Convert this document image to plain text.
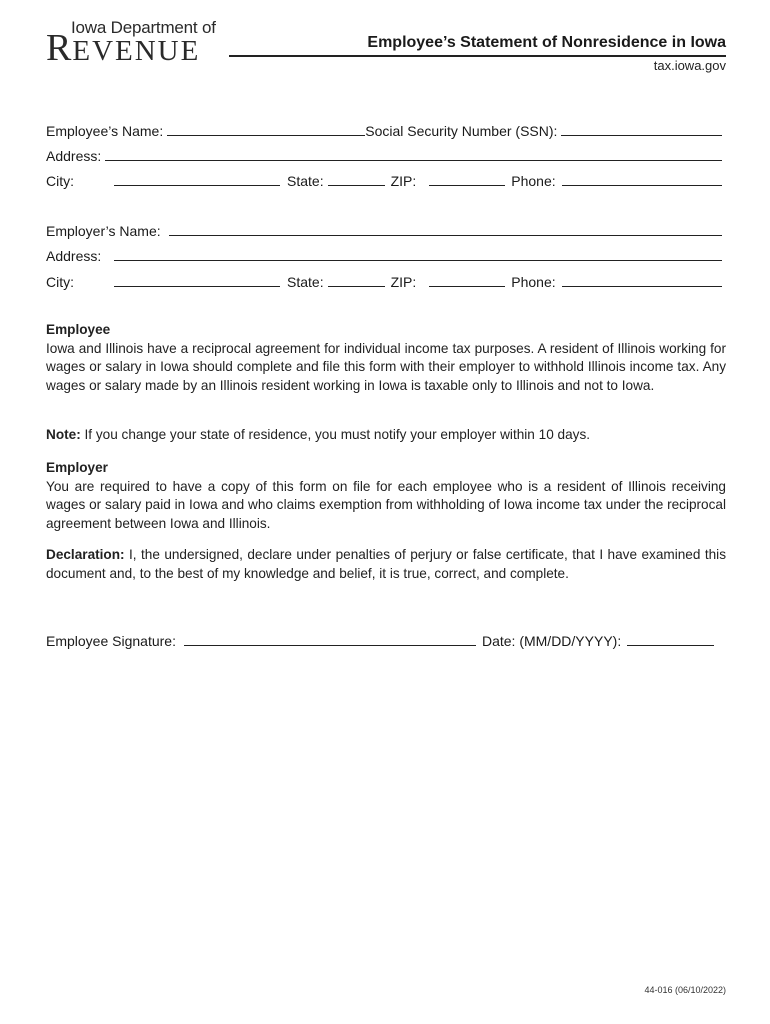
Iowa Department of
REVENUE	Employee’s Statement of Nonresidence in Iowa
tax.iowa.gov
Employee’s Name:	Social Security Number (SSN):
Address:
City:	State:	ZIP:	Phone:
Employer’s Name:
Address:
City:	State:	ZIP:	Phone:
Employee
Iowa and Illinois have a reciprocal agreement for individual income tax purposes. A resident of Illinois working for wages or salary in Iowa should complete and file this form with their employer to withhold Illinois income tax. Any wages or salary made by an Illinois resident working in Iowa is taxable only to Illinois and not to Iowa.
Note: If you change your state of residence, you must notify your employer within 10 days.
Employer
You are required to have a copy of this form on file for each employee who is a resident of Illinois receiving wages or salary paid in Iowa and who claims exemption from withholding of Iowa income tax under the reciprocal agreement between Iowa and Illinois.
Declaration: I, the undersigned, declare under penalties of perjury or false certificate, that I have examined this document and, to the best of my knowledge and belief, it is true, correct, and complete.
Employee Signature:	Date: (MM/DD/YYYY):
44-016 (06/10/2022)
